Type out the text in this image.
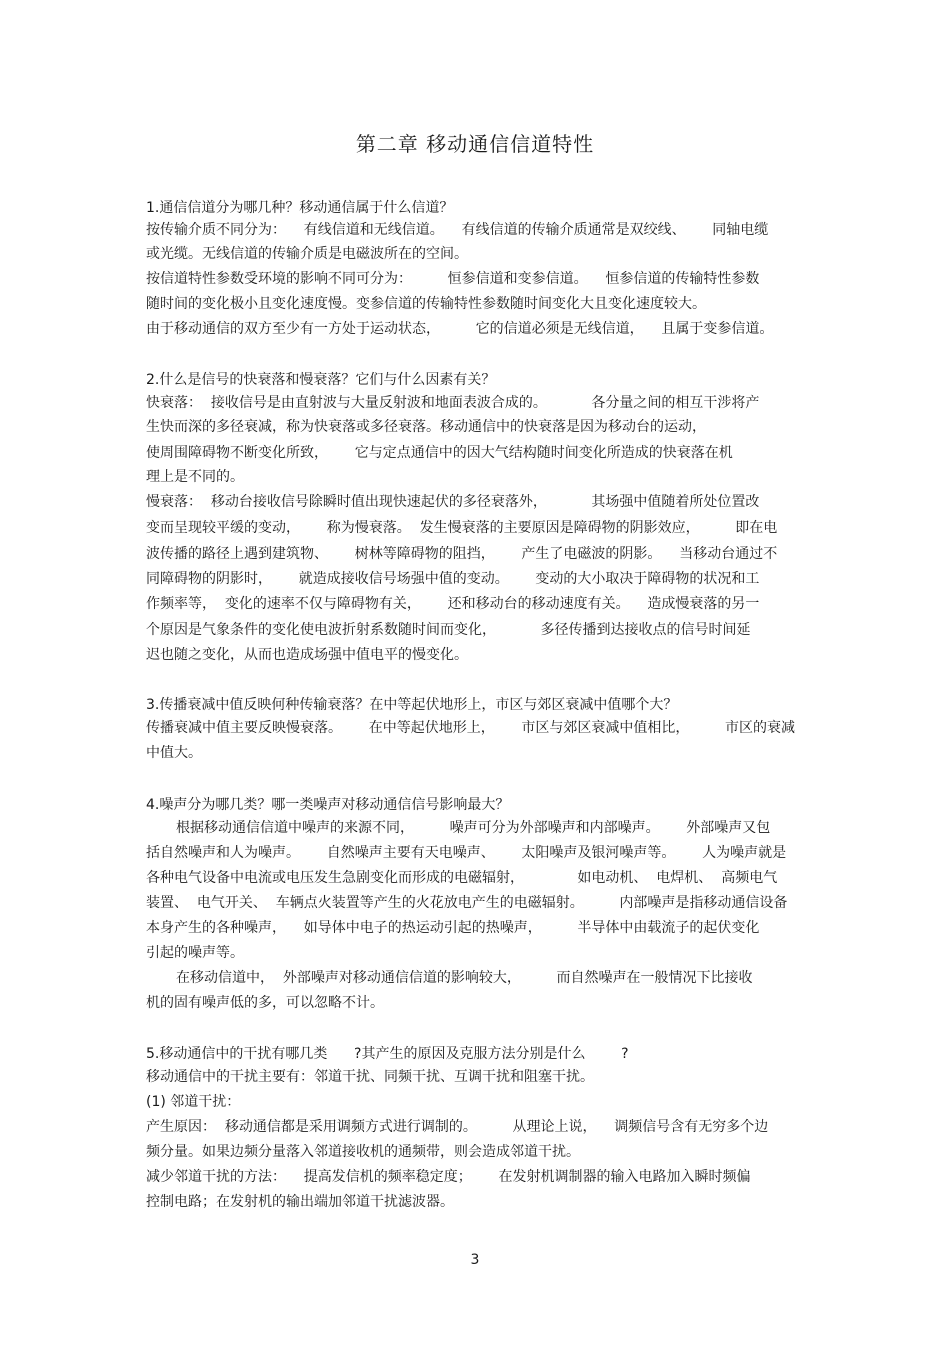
第二章 移动通信信道特性
1.通信信道分为哪几种？移动通信属于什么信道？
按传输介质不同分为：    有线信道和无线信道。    有线信道的传输介质通常是双绞线、      同轴电缆
或光缆。无线信道的传输介质是电磁波所在的空间。
按信道特性参数受环境的影响不同可分为：        恒参信道和变参信道。    恒参信道的传输特性参数
随时间的变化极小且变化速度慢。变参信道的传输特性参数随时间变化大且变化速度较大。
由于移动通信的双方至少有一方处于运动状态，        它的信道必须是无线信道，    且属于变参信道。
2.什么是信号的快衰落和慢衰落？它们与什么因素有关？
快衰落：  接收信号是由直射波与大量反射波和地面表波合成的。          各分量之间的相互干涉将产
生快而深的多径衰减，称为快衰落或多径衰落。移动通信中的快衰落是因为移动台的运动，
使周围障碍物不断变化所致，      它与定点通信中的因大气结构随时间变化所造成的快衰落在机
理上是不同的。
慢衰落：  移动台接收信号除瞬时值出现快速起伏的多径衰落外，          其场强中值随着所处位置改
变而呈现较平缓的变动，      称为慢衰落。  发生慢衰落的主要原因是障碍物的阴影效应，        即在电
波传播的路径上遇到建筑物、      树林等障碍物的阻挡，      产生了电磁波的阴影。    当移动台通过不
同障碍物的阴影时，      就造成接收信号场强中值的变动。      变动的大小取决于障碍物的状况和工
作频率等，  变化的速率不仅与障碍物有关，      还和移动台的移动速度有关。    造成慢衰落的另一
个原因是气象条件的变化使电波折射系数随时间而变化，          多径传播到达接收点的信号时间延
迟也随之变化，从而也造成场强中值电平的慢变化。
3.传播衰减中值反映何种传输衰落？在中等起伏地形上，市区与郊区衰减中值哪个大？
传播衰减中值主要反映慢衰落。      在中等起伏地形上，      市区与郊区衰减中值相比，        市区的衰减
中值大。
4.噪声分为哪几类？哪一类噪声对移动通信信号影响最大？
根据移动通信信道中噪声的来源不同，        噪声可分为外部噪声和内部噪声。      外部噪声又包
括自然噪声和人为噪声。      自然噪声主要有天电噪声、      太阳噪声及银河噪声等。      人为噪声就是
各种电气设备中电流或电压发生急剧变化而形成的电磁辐射，            如电动机、  电焊机、  高频电气
装置、  电气开关、  车辆点火装置等产生的火花放电产生的电磁辐射。        内部噪声是指移动通信设备
本身产生的各种噪声，    如导体中电子的热运动引起的热噪声，        半导体中由载流子的起伏变化
引起的噪声等。
在移动信道中，  外部噪声对移动通信信道的影响较大，        而自然噪声在一般情况下比接收
机的固有噪声低的多，可以忽略不计。
5.移动通信中的干扰有哪几类      ?其产生的原因及克服方法分别是什么        ?
移动通信中的干扰主要有：邻道干扰、同频干扰、互调干扰和阻塞干扰。
(1) 邻道干扰：
产生原因：  移动通信都是采用调频方式进行调制的。        从理论上说，    调频信号含有无穷多个边
频分量。如果边频分量落入邻道接收机的通频带，则会造成邻道干扰。
减少邻道干扰的方法：    提高发信机的频率稳定度；      在发射机调制器的输入电路加入瞬时频偏
控制电路；在发射机的输出端加邻道干扰滤波器。
3
